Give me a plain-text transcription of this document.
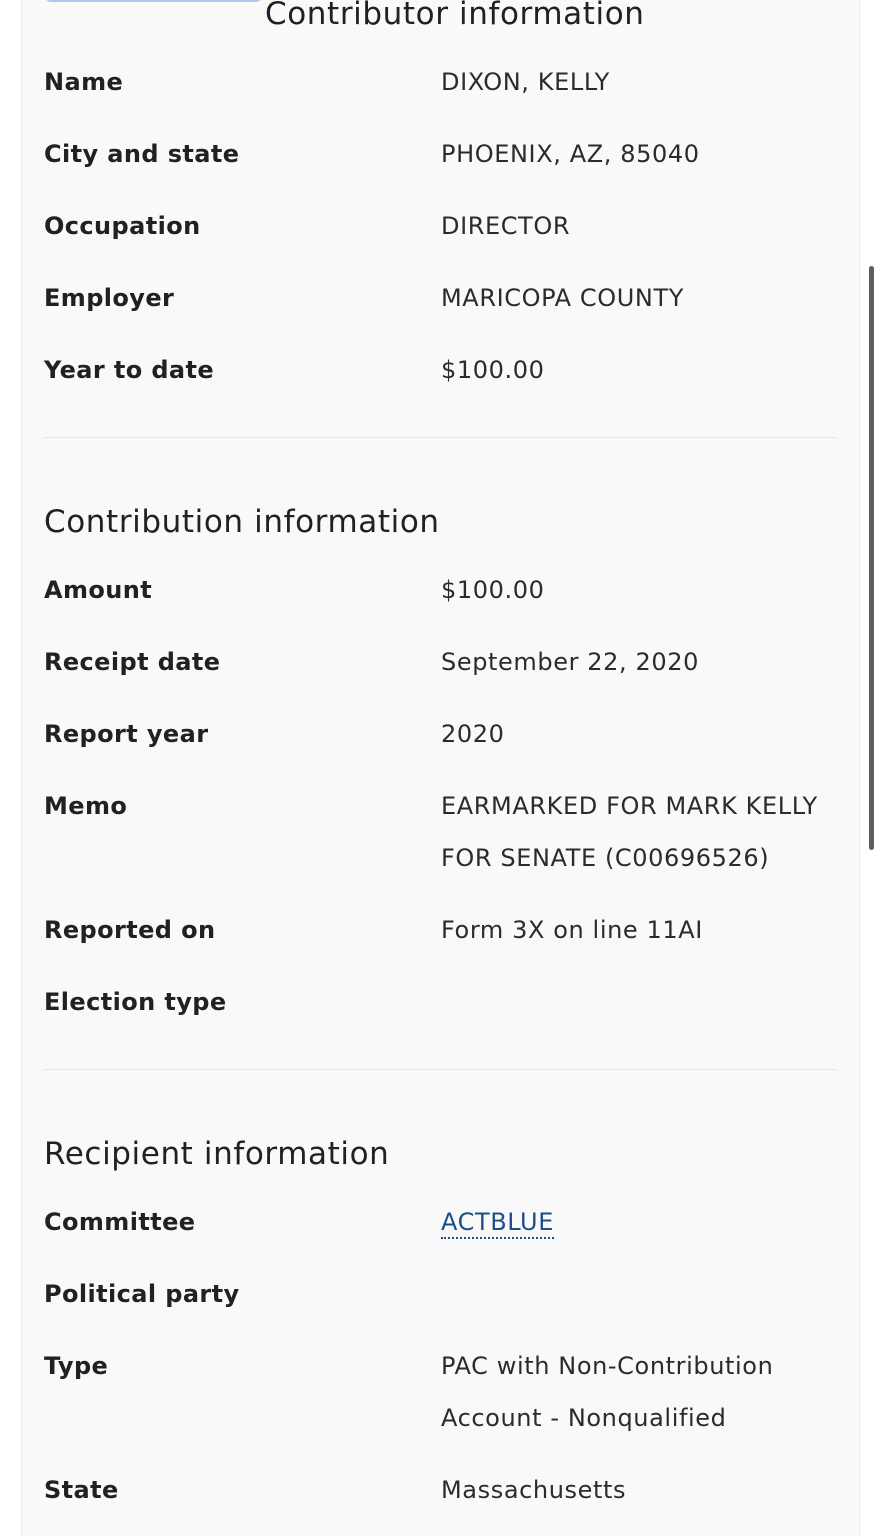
Contributor information
Name	DIXON, KELLY
City and state	PHOENIX, AZ, 85040
Occupation	DIRECTOR
Employer	MARICOPA COUNTY
Year to date	$100.00
Contribution information
Amount	$100.00
Receipt date	September 22, 2020
Report year	2020
Memo	EARMARKED FOR MARK KELLY FOR SENATE (C00696526)
Reported on	Form 3X on line 11AI
Election type
Recipient information
Committee	ACTBLUE
Political party
Type	PAC with Non-Contribution Account - Nonqualified
State	Massachusetts
